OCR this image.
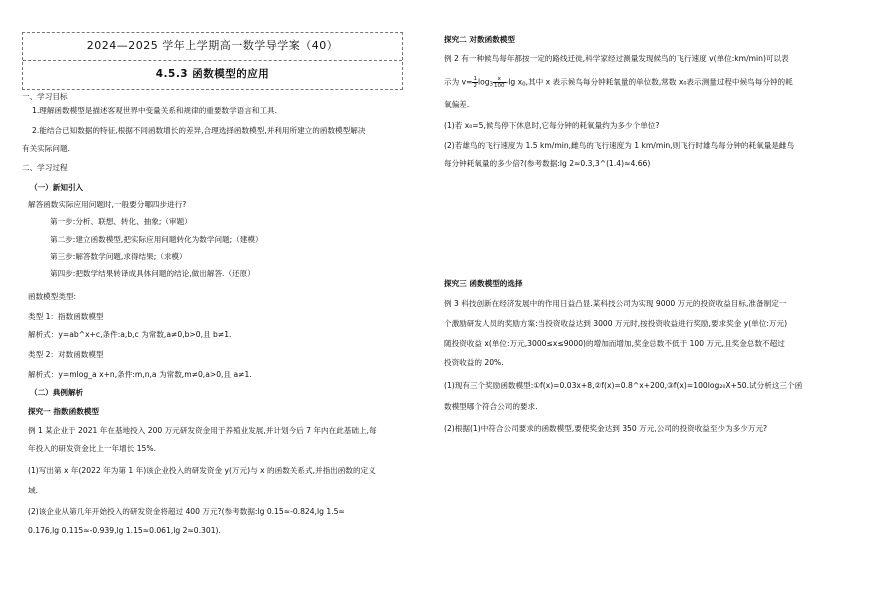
2024—2025 学年上学期高一数学导学案（40）
4.5.3 函数模型的应用
一、学习目标
1.理解函数模型是描述客观世界中变量关系和规律的重要数学语言和工具.
2.能结合已知数据的特征,根据不同函数增长的差异,合理选择函数模型,并利用所建立的函数模型解决
有关实际问题.
二、学习过程
（一）新知引入
解答函数实际应用问题时,一般要分哪四步进行?
第一步:分析、联想、转化、抽象;（审题）
第二步:建立函数模型,把实际应用问题转化为数学问题;（建模）
第三步:解答数学问题,求得结果;（求模）
第四步:把数学结果转译成具体问题的结论,做出解答.（还原）
函数模型类型:
类型 1：指数函数模型
解析式：y=ab^x+c,条件:a,b,c 为常数,a≠0,b>0,且 b≠1.
类型 2：对数函数模型
解析式：y=mlog_a x+n,条件:m,n,a 为常数,m≠0,a>0,且 a≠1.
（二）典例解析
探究一 指数函数模型
例 1 某企业于 2021 年在基地投入 200 万元研发资金用于养殖业发展,并计划今后 7 年内在此基础上,每
年投入的研发资金比上一年增长 15%.
(1)写出第 x 年(2022 年为第 1 年)该企业投入的研发资金 y(万元)与 x 的函数关系式,并指出函数的定义
域.
(2)该企业从第几年开始投入的研发资金将超过 400 万元?(参考数据:lg 0.15≈-0.824,lg 1.5≈
0.176,lg 0.115≈-0.939,lg 1.15≈0.061,lg 2≈0.301).
探究二 对数函数模型
例 2 有一种候鸟每年都按一定的路线迁徙,科学家经过测量发现候鸟的飞行速度 v(单位:km/min)可以表
示为 $v= \frac{1}{2} \log 3 \frac{x}{100} -\lg$ x0,其中 x 表示候鸟每分钟耗氧量的单位数,常数 x₀表示测量过程中候鸟每分钟的耗
氧偏差.
(1)若 x₀=5,候鸟停下休息时,它每分钟的耗氧量约为多少个单位?
(2)若雄鸟的飞行速度为 1.5 km/min,雌鸟的飞行速度为 1 km/min,则飞行时雄鸟每分钟的耗氧量是雌鸟
每分钟耗氧量的多少倍?(参考数据:lg 2≈0.3,3^(1.4)≈4.66)
探究三 函数模型的选择
例 3 科技创新在经济发展中的作用日益凸显.某科技公司为实现 9000 万元的投资收益目标,准备制定一
个激励研发人员的奖励方案:当投资收益达到 3000 万元时,按投资收益进行奖励,要求奖金 y(单位:万元)
随投资收益 x(单位:万元,3000≤x≤9000)的增加而增加,奖金总数不低于 100 万元,且奖金总数不超过
投资收益的 20%.
(1)现有三个奖励函数模型:①f(x)=0.03x+8,②f(x)=0.8^x+200,③f(x)=100log₂₀X+50.试分析这三个函
数模型哪个符合公司的要求.
(2)根据(1)中符合公司要求的函数模型,要使奖金达到 350 万元,公司的投资收益至少为多少万元?
